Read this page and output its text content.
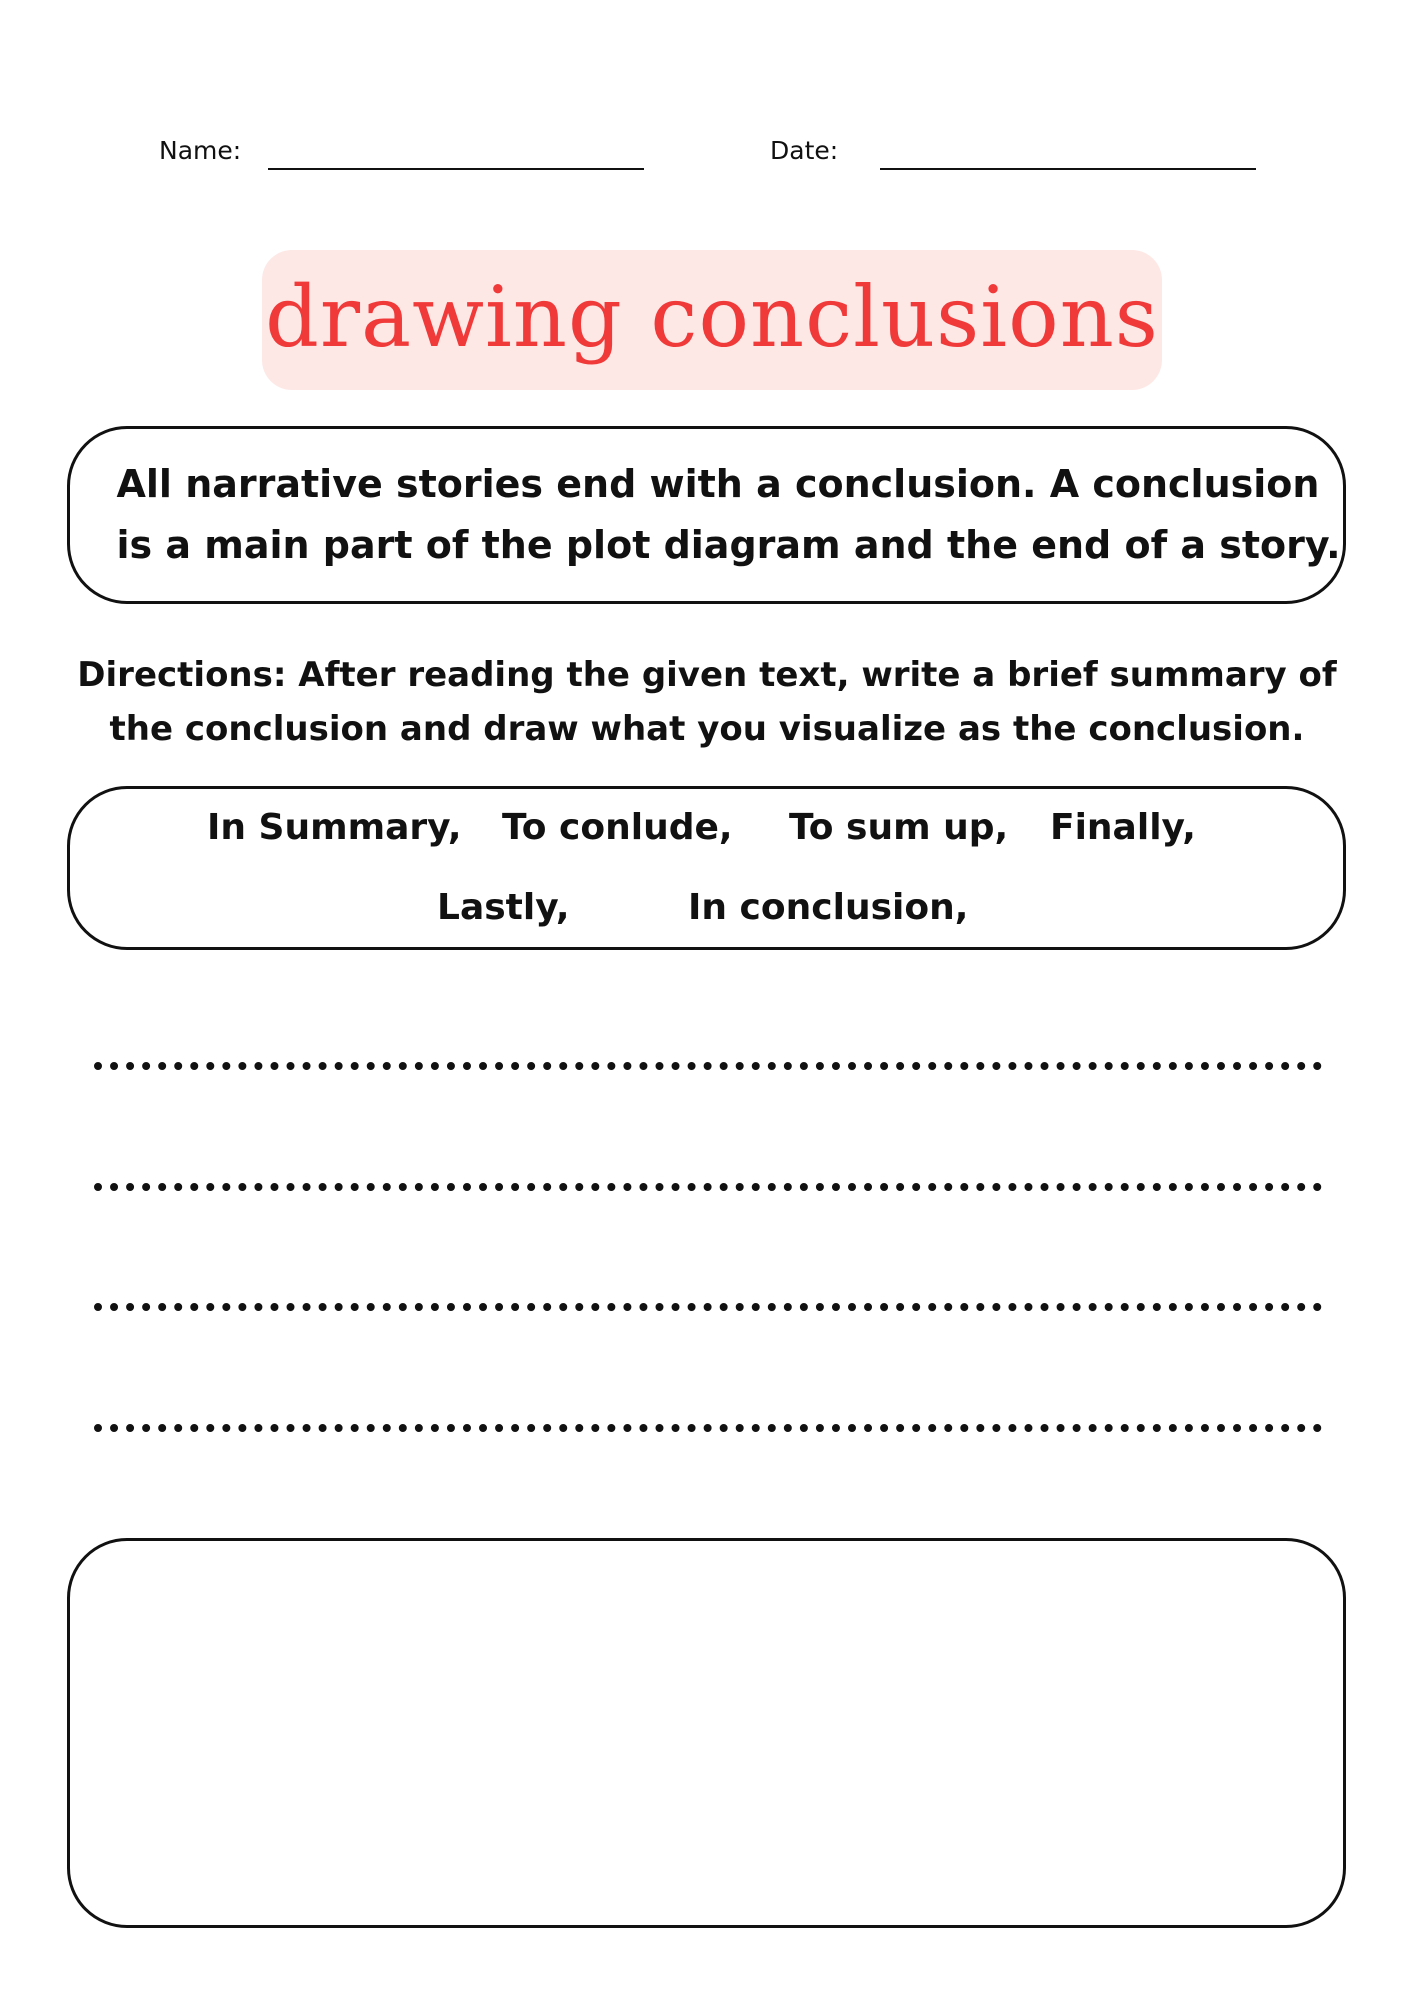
Name:	Date:
drawing conclusions
All narrative stories end with a conclusion. A conclusion
is a main part of the plot diagram and the end of a story.
Directions: After reading the given text, write a brief summary of
the conclusion and draw what you visualize as the conclusion.
In Summary, To conlude, To sum up, Finally,
Lastly,	In conclusion,
